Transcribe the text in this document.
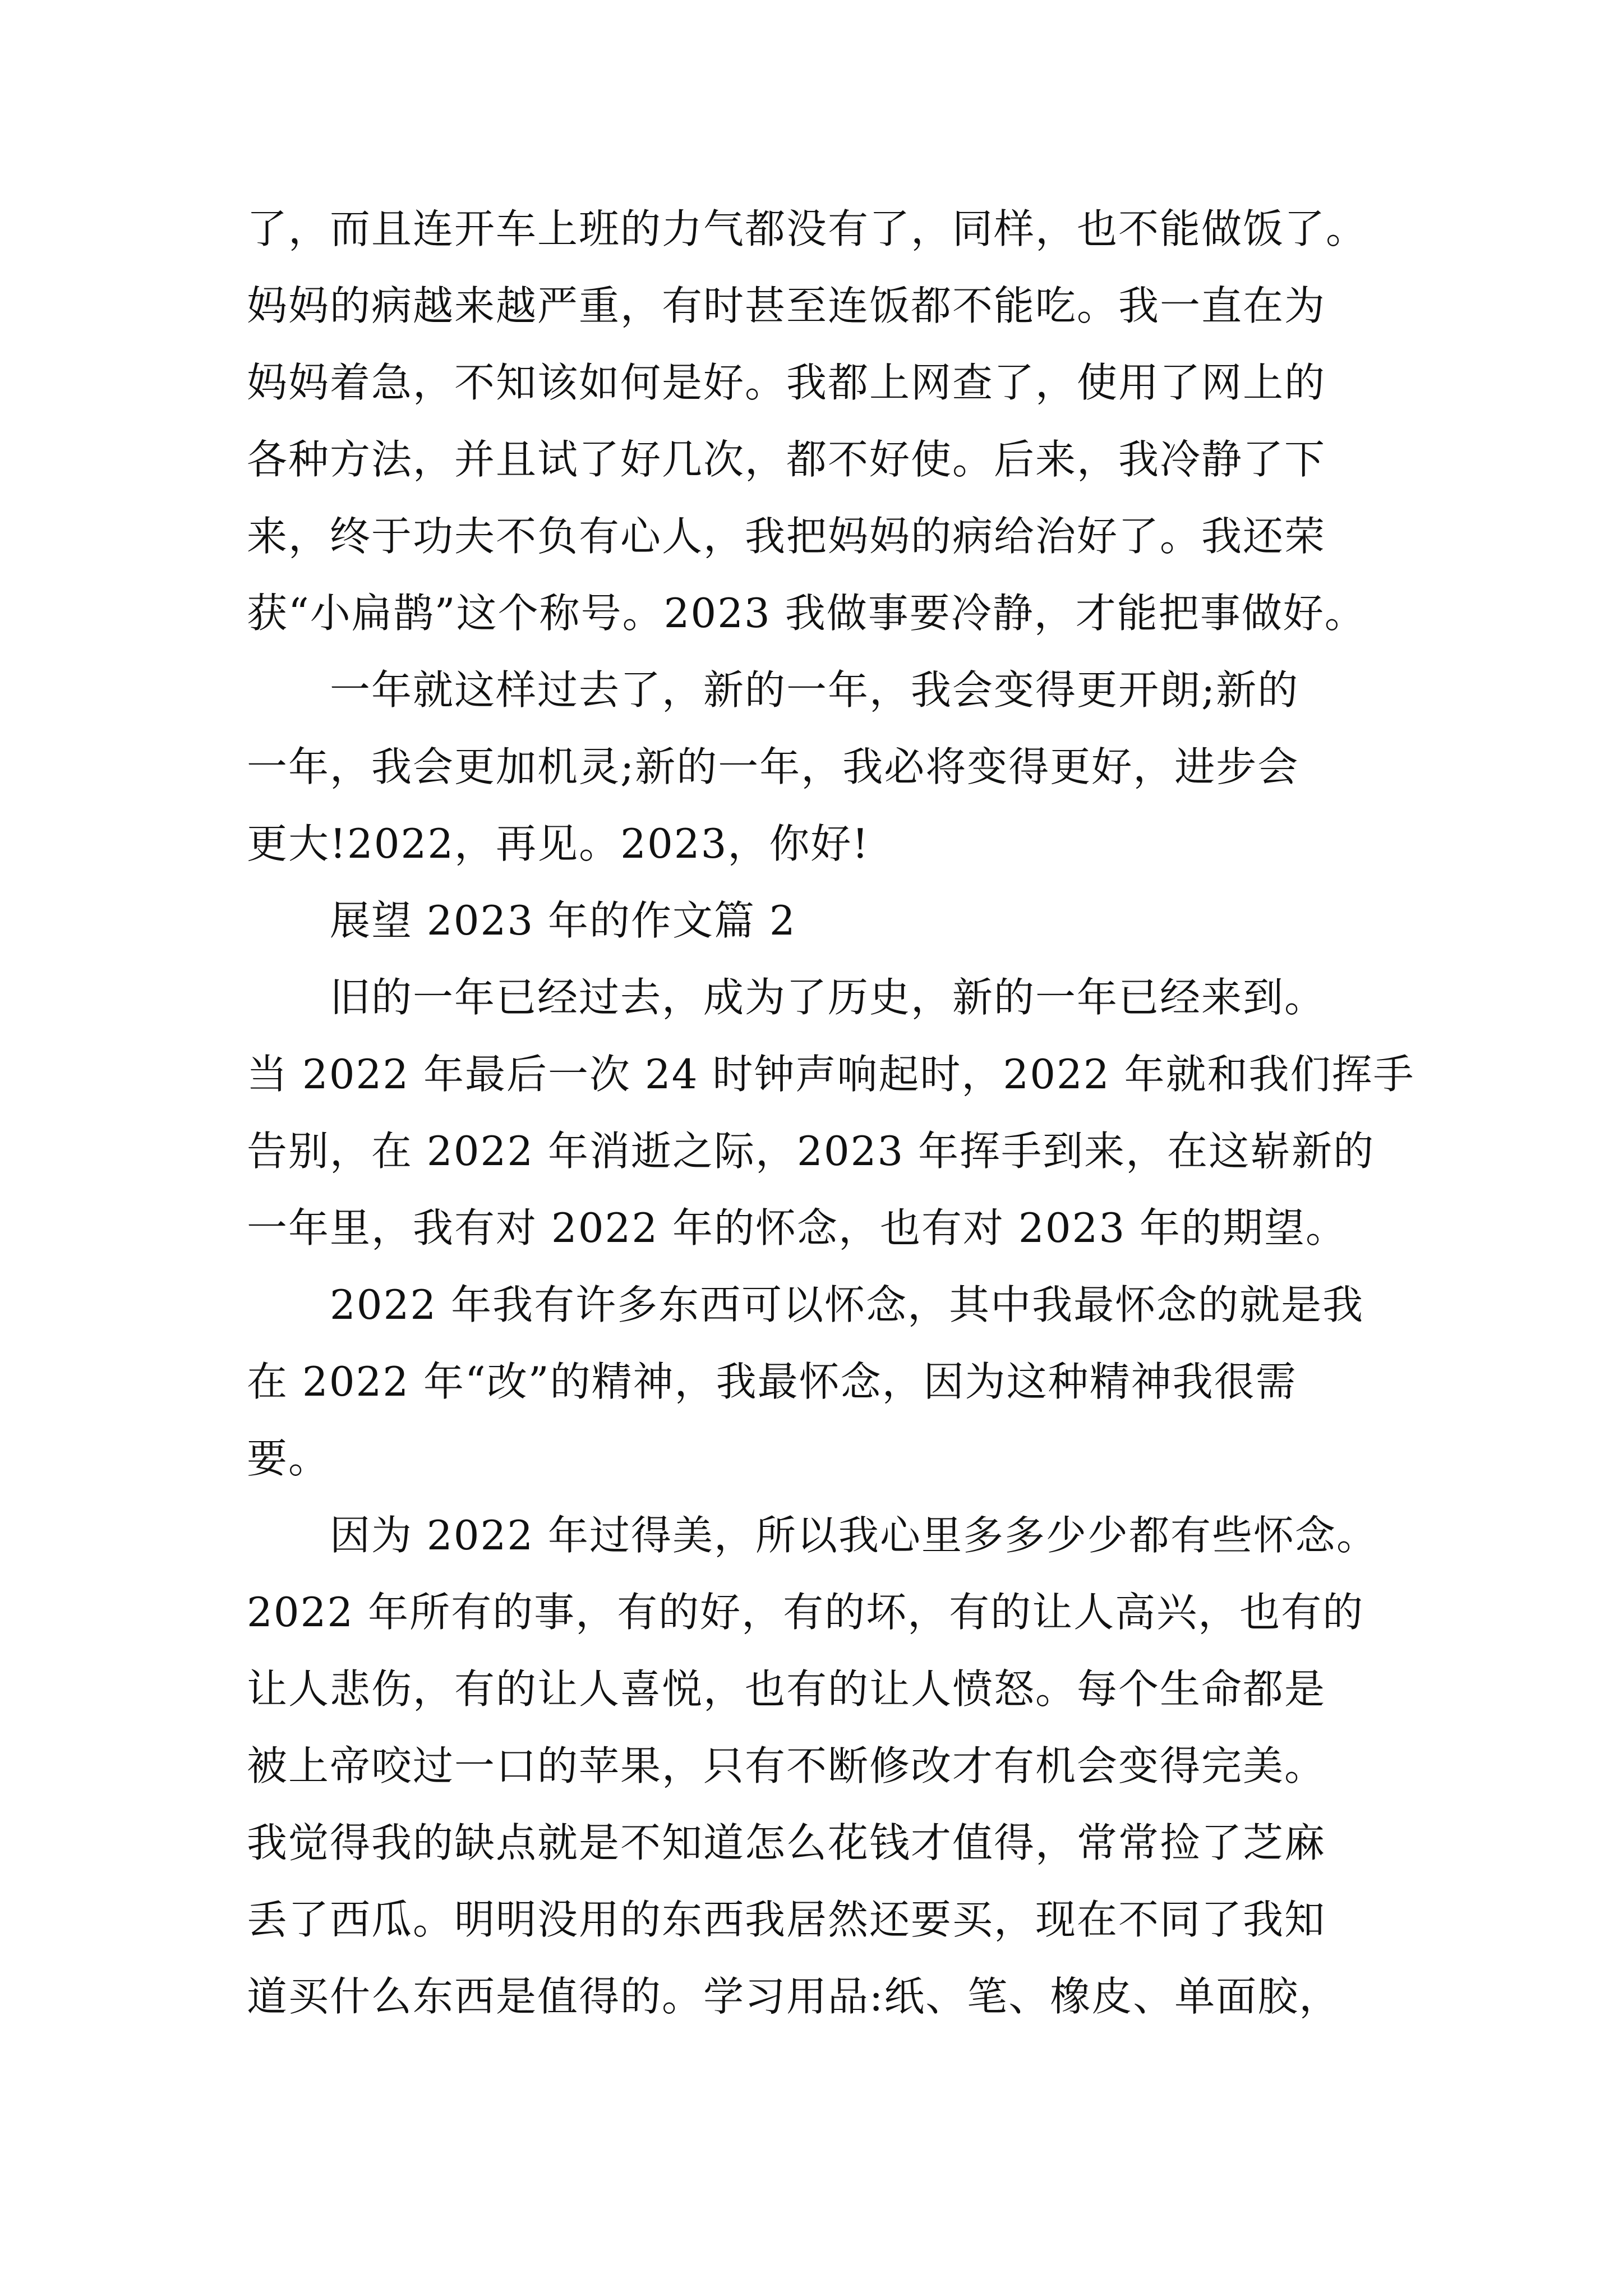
了，而且连开车上班的力气都没有了，同样，也不能做饭了。
妈妈的病越来越严重，有时甚至连饭都不能吃。我一直在为
妈妈着急，不知该如何是好。我都上网查了，使用了网上的
各种方法，并且试了好几次，都不好使。后来，我冷静了下
来，终于功夫不负有心人，我把妈妈的病给治好了。我还荣
获“小扁鹊”这个称号。2023 我做事要冷静，才能把事做好。
　　一年就这样过去了，新的一年，我会变得更开朗;新的
一年，我会更加机灵;新的一年，我必将变得更好，进步会
更大!2022，再见。2023，你好!
　　展望 2023 年的作文篇 2
　　旧的一年已经过去，成为了历史，新的一年已经来到。
当 2022 年最后一次 24 时钟声响起时，2022 年就和我们挥手
告别，在 2022 年消逝之际，2023 年挥手到来，在这崭新的
一年里，我有对 2022 年的怀念，也有对 2023 年的期望。
　　2022 年我有许多东西可以怀念，其中我最怀念的就是我
在 2022 年“改”的精神，我最怀念，因为这种精神我很需
要。
　　因为 2022 年过得美，所以我心里多多少少都有些怀念。
2022 年所有的事，有的好，有的坏，有的让人高兴，也有的
让人悲伤，有的让人喜悦，也有的让人愤怒。每个生命都是
被上帝咬过一口的苹果，只有不断修改才有机会变得完美。
我觉得我的缺点就是不知道怎么花钱才值得，常常捡了芝麻
丢了西瓜。明明没用的东西我居然还要买，现在不同了我知
道买什么东西是值得的。学习用品:纸、笔、橡皮、单面胶，
